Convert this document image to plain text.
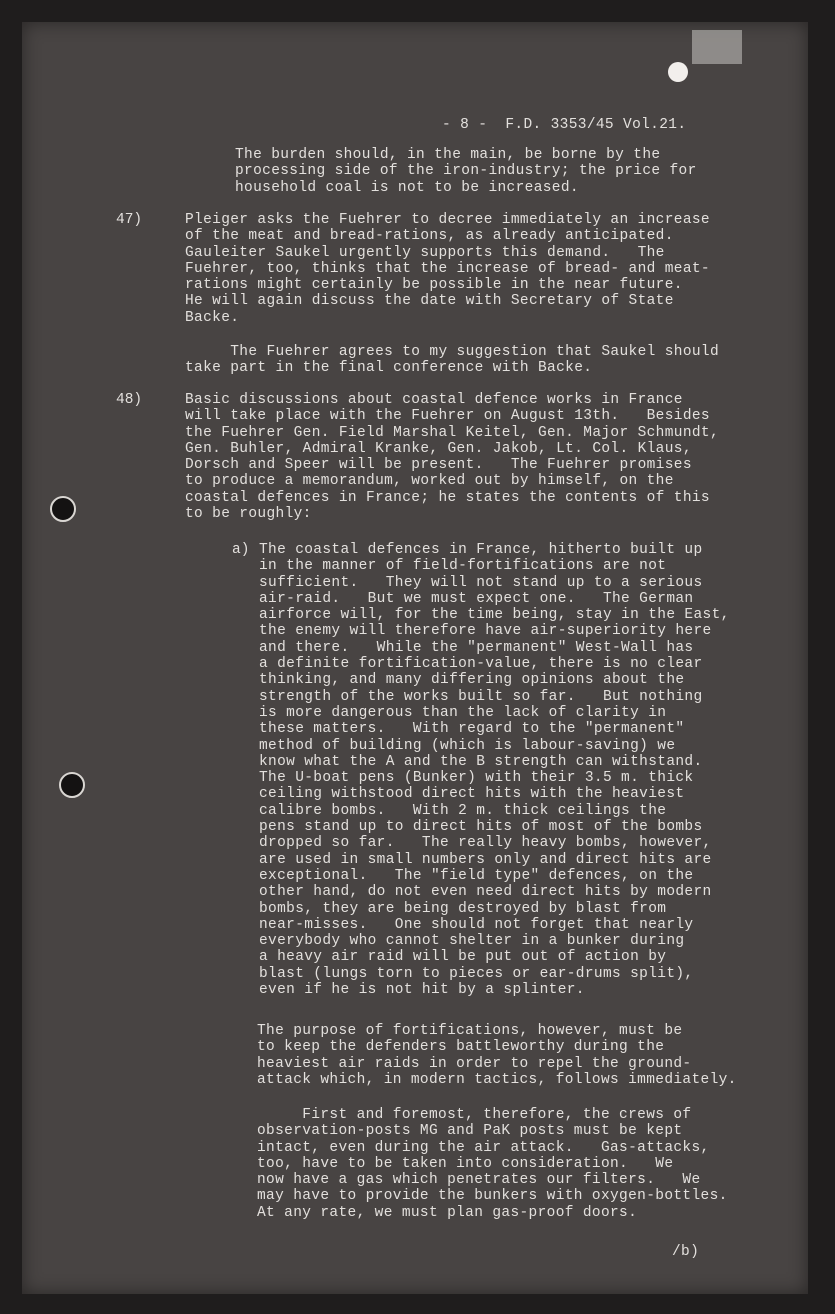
- 8 -  F.D. 3353/45 Vol.21.

The burden should, in the main, be borne by the
processing side of the iron-industry; the price for
household coal is not to be increased.

47)	Pleiger asks the Fuehrer to decree immediately an increase
of the meat and bread-rations, as already anticipated.
Gauleiter Saukel urgently supports this demand.   The
Fuehrer, too, thinks that the increase of bread- and meat-
rations might certainly be possible in the near future.
He will again discuss the date with Secretary of State
Backe.

The Fuehrer agrees to my suggestion that Saukel should
take part in the final conference with Backe.

48)	Basic discussions about coastal defence works in France
will take place with the Fuehrer on August 13th.   Besides
the Fuehrer Gen. Field Marshal Keitel, Gen. Major Schmundt,
Gen. Buhler, Admiral Kranke, Gen. Jakob, Lt. Col. Klaus,
Dorsch and Speer will be present.   The Fuehrer promises
to produce a memorandum, worked out by himself, on the
coastal defences in France; he states the contents of this
to be roughly:

a) The coastal defences in France, hitherto built up
in the manner of field-fortifications are not
sufficient.   They will not stand up to a serious
air-raid.   But we must expect one.   The German
airforce will, for the time being, stay in the East,
the enemy will therefore have air-superiority here
and there.   While the "permanent" West-Wall has
a definite fortification-value, there is no clear
thinking, and many differing opinions about the
strength of the works built so far.   But nothing
is more dangerous than the lack of clarity in
these matters.   With regard to the "permanent"
method of building (which is labour-saving) we
know what the A and the B strength can withstand.
The U-boat pens (Bunker) with their 3.5 m. thick
ceiling withstood direct hits with the heaviest
calibre bombs.   With 2 m. thick ceilings the
pens stand up to direct hits of most of the bombs
dropped so far.   The really heavy bombs, however,
are used in small numbers only and direct hits are
exceptional.   The "field type" defences, on the
other hand, do not even need direct hits by modern
bombs, they are being destroyed by blast from
near-misses.   One should not forget that nearly
everybody who cannot shelter in a bunker during
a heavy air raid will be put out of action by
blast (lungs torn to pieces or ear-drums split),
even if he is not hit by a splinter.

The purpose of fortifications, however, must be
to keep the defenders battleworthy during the
heaviest air raids in order to repel the ground-
attack which, in modern tactics, follows immediately.

First and foremost, therefore, the crews of
observation-posts MG and PaK posts must be kept
intact, even during the air attack.   Gas-attacks,
too, have to be taken into consideration.   We
now have a gas which penetrates our filters.   We
may have to provide the bunkers with oxygen-bottles.
At any rate, we must plan gas-proof doors.

/b)
